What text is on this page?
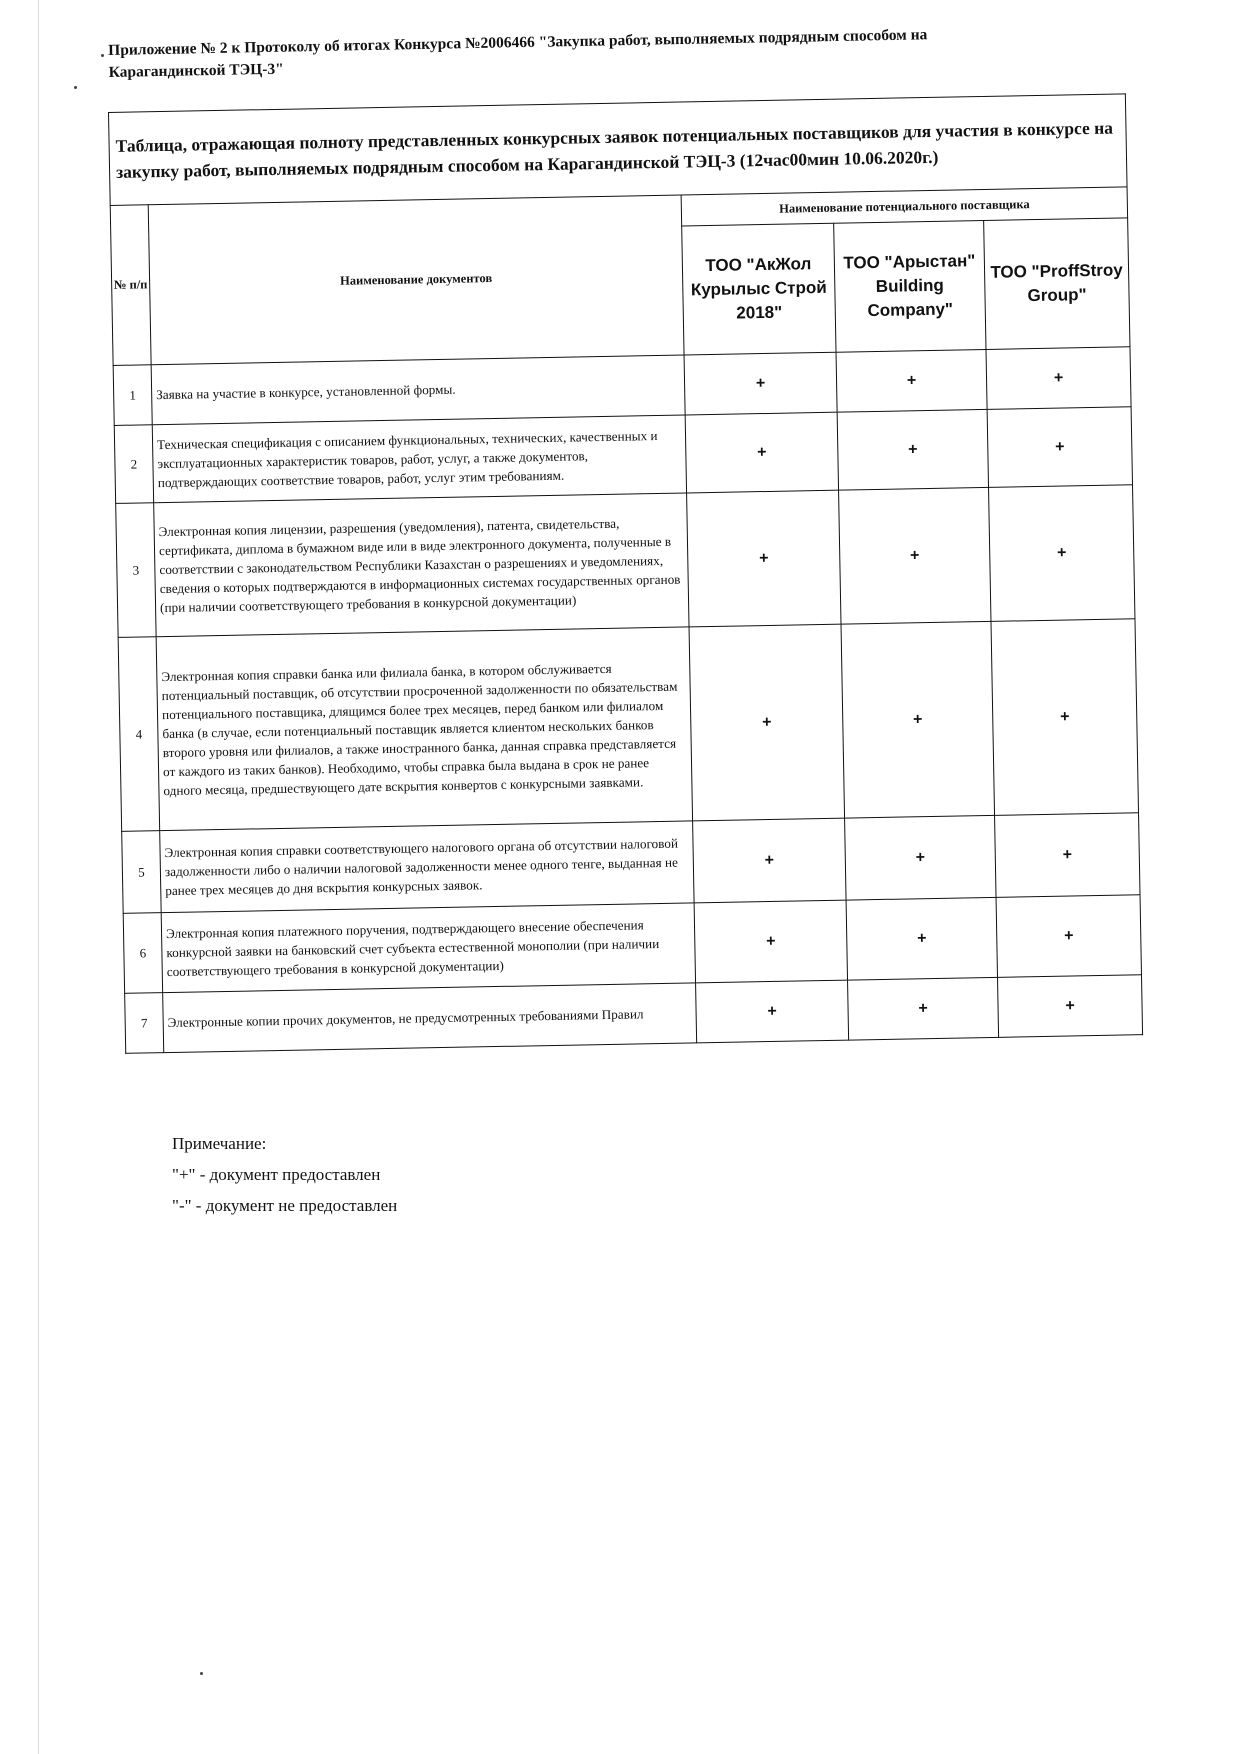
Приложение № 2 к Протоколу об итогах Конкурса №2006466 "Закупка работ, выполняемых подрядным способом на
Карагандинской ТЭЦ-3"
Таблица, отражающая полноту представленных конкурсных заявок потенциальных поставщиков для участия в конкурсе на закупку работ, выполняемых подрядным способом на Карагандинской ТЭЦ-3 (12час00мин 10.06.2020г.)				
№ п/п	Наименование документов	Наименование потенциального поставщика		
		ТОО "АкЖол Курылыс Строй 2018"	ТОО "Арыстан" Building Company"	ТОО "ProffStroy Group"
1	Заявка на участие в конкурсе, установленной формы.	+	+	+
2	Техническая спецификация с описанием функциональных, технических, качественных и эксплуатационных характеристик товаров, работ, услуг, а также документов, подтверждающих соответствие товаров, работ, услуг этим требованиям.	+	+	+
3	Электронная копия лицензии, разрешения (уведомления), патента, свидетельства, сертификата, диплома в бумажном виде или в виде электронного документа, полученные в соответствии с законодательством Республики Казахстан о разрешениях и уведомлениях, сведения о которых подтверждаются в информационных системах государственных органов (при наличии соответствующего требования в конкурсной документации)	+	+	+
4	Электронная копия справки банка или филиала банка, в котором обслуживается потенциальный поставщик, об отсутствии просроченной задолженности по обязательствам потенциального поставщика, длящимся более трех месяцев, перед банком или филиалом банка (в случае, если потенциальный поставщик является клиентом нескольких банков второго уровня или филиалов, а также иностранного банка, данная справка представляется от каждого из таких банков). Необходимо, чтобы справка была выдана в срок не ранее одного месяца, предшествующего дате вскрытия конвертов с конкурсными заявками.	+	+	+
5	Электронная копия справки соответствующего налогового органа об отсутствии налоговой задолженности либо о наличии налоговой задолженности менее одного тенге, выданная не ранее трех месяцев до дня вскрытия конкурсных заявок.	+	+	+
6	Электронная копия платежного поручения, подтверждающего внесение обеспечения конкурсной заявки на банковский счет субъекта естественной монополии (при наличии соответствующего требования в конкурсной документации)	+	+	+
7	Электронные копии прочих документов, не предусмотренных требованиями Правил	+	+	+
Примечание:
"+" - документ предоставлен
"-" - документ не предоставлен
